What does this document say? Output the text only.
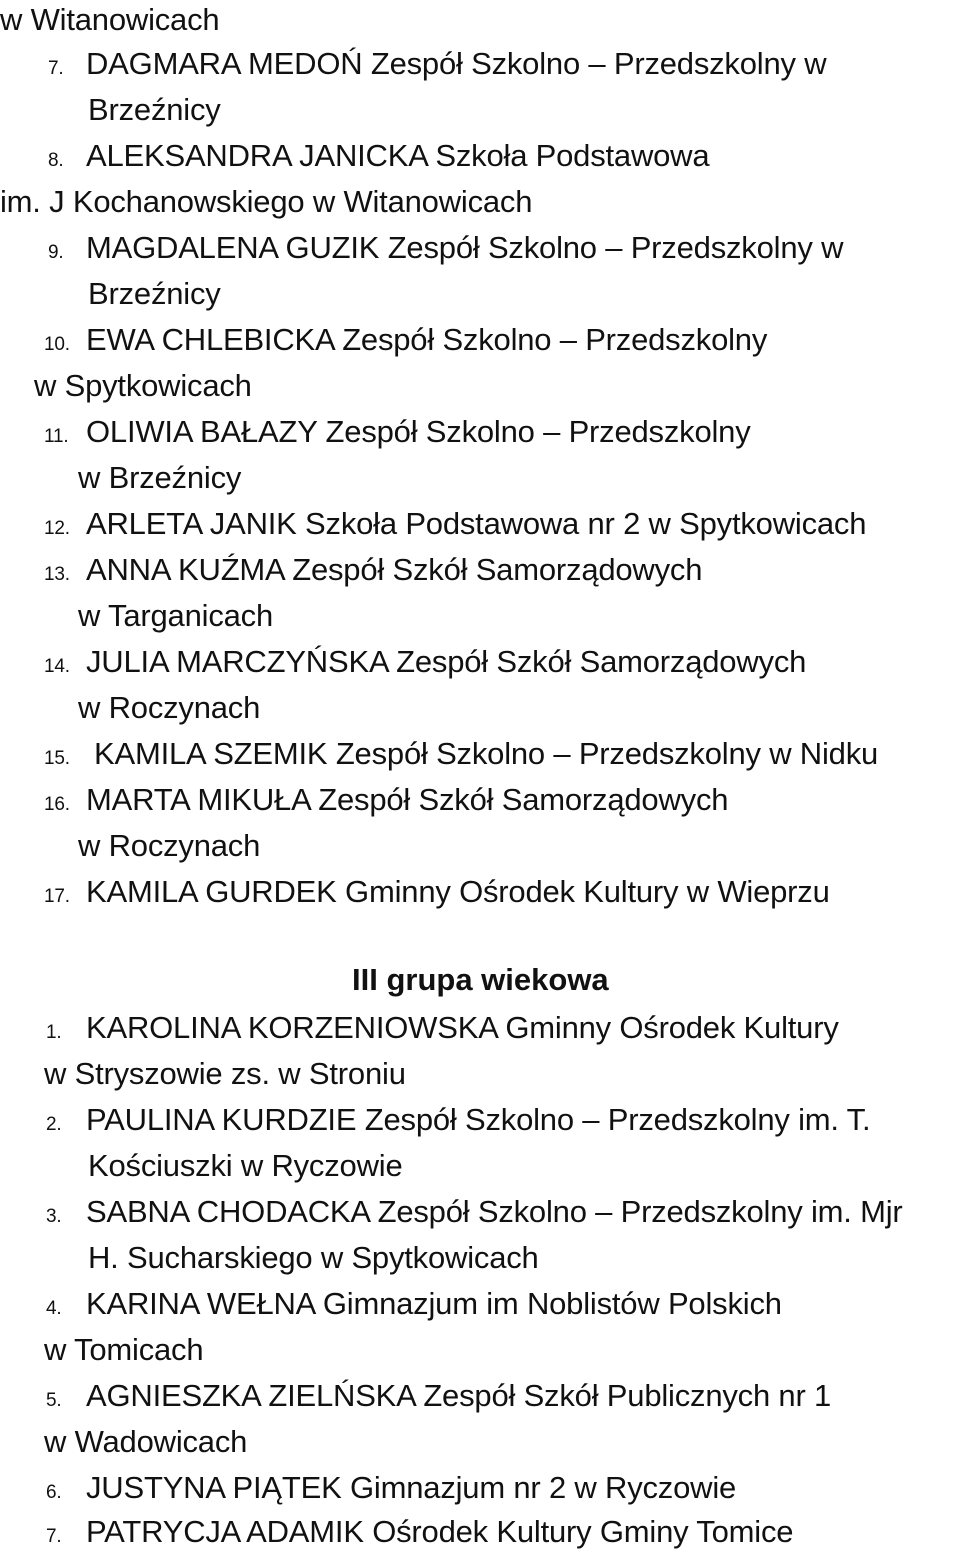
w Witanowicach
7. DAGMARA MEDOŃ Zespół Szkolno – Przedszkolny w
Brzeźnicy
8. ALEKSANDRA JANICKA Szkoła Podstawowa
im. J Kochanowskiego w Witanowicach
9. MAGDALENA GUZIK Zespół Szkolno – Przedszkolny w
Brzeźnicy
10. EWA CHLEBICKA Zespół Szkolno – Przedszkolny
w Spytkowicach
11. OLIWIA BAŁAZY Zespół Szkolno – Przedszkolny
w Brzeźnicy
12. ARLETA JANIK Szkoła Podstawowa nr 2 w Spytkowicach
13. ANNA KUŹMA Zespół Szkół Samorządowych
w Targanicach
14. JULIA MARCZYŃSKA Zespół Szkół Samorządowych
w Roczynach
15. KAMILA SZEMIK Zespół Szkolno – Przedszkolny w Nidku
16. MARTA MIKUŁA Zespół Szkół Samorządowych
w Roczynach
17. KAMILA GURDEK Gminny Ośrodek Kultury w Wieprzu
III grupa wiekowa
1. KAROLINA KORZENIOWSKA Gminny Ośrodek Kultury
w Stryszowie zs. w Stroniu
2. PAULINA KURDZIE Zespół Szkolno – Przedszkolny im. T.
Kościuszki w Ryczowie
3. SABNA CHODACKA Zespół Szkolno – Przedszkolny im. Mjr
H. Sucharskiego w Spytkowicach
4. KARINA WEŁNA Gimnazjum im Noblistów Polskich
w Tomicach
5. AGNIESZKA ZIELŃSKA Zespół Szkół Publicznych nr 1
w Wadowicach
6. JUSTYNA PIĄTEK Gimnazjum nr 2 w Ryczowie
7. PATRYCJA ADAMIK Ośrodek Kultury Gminy Tomice
